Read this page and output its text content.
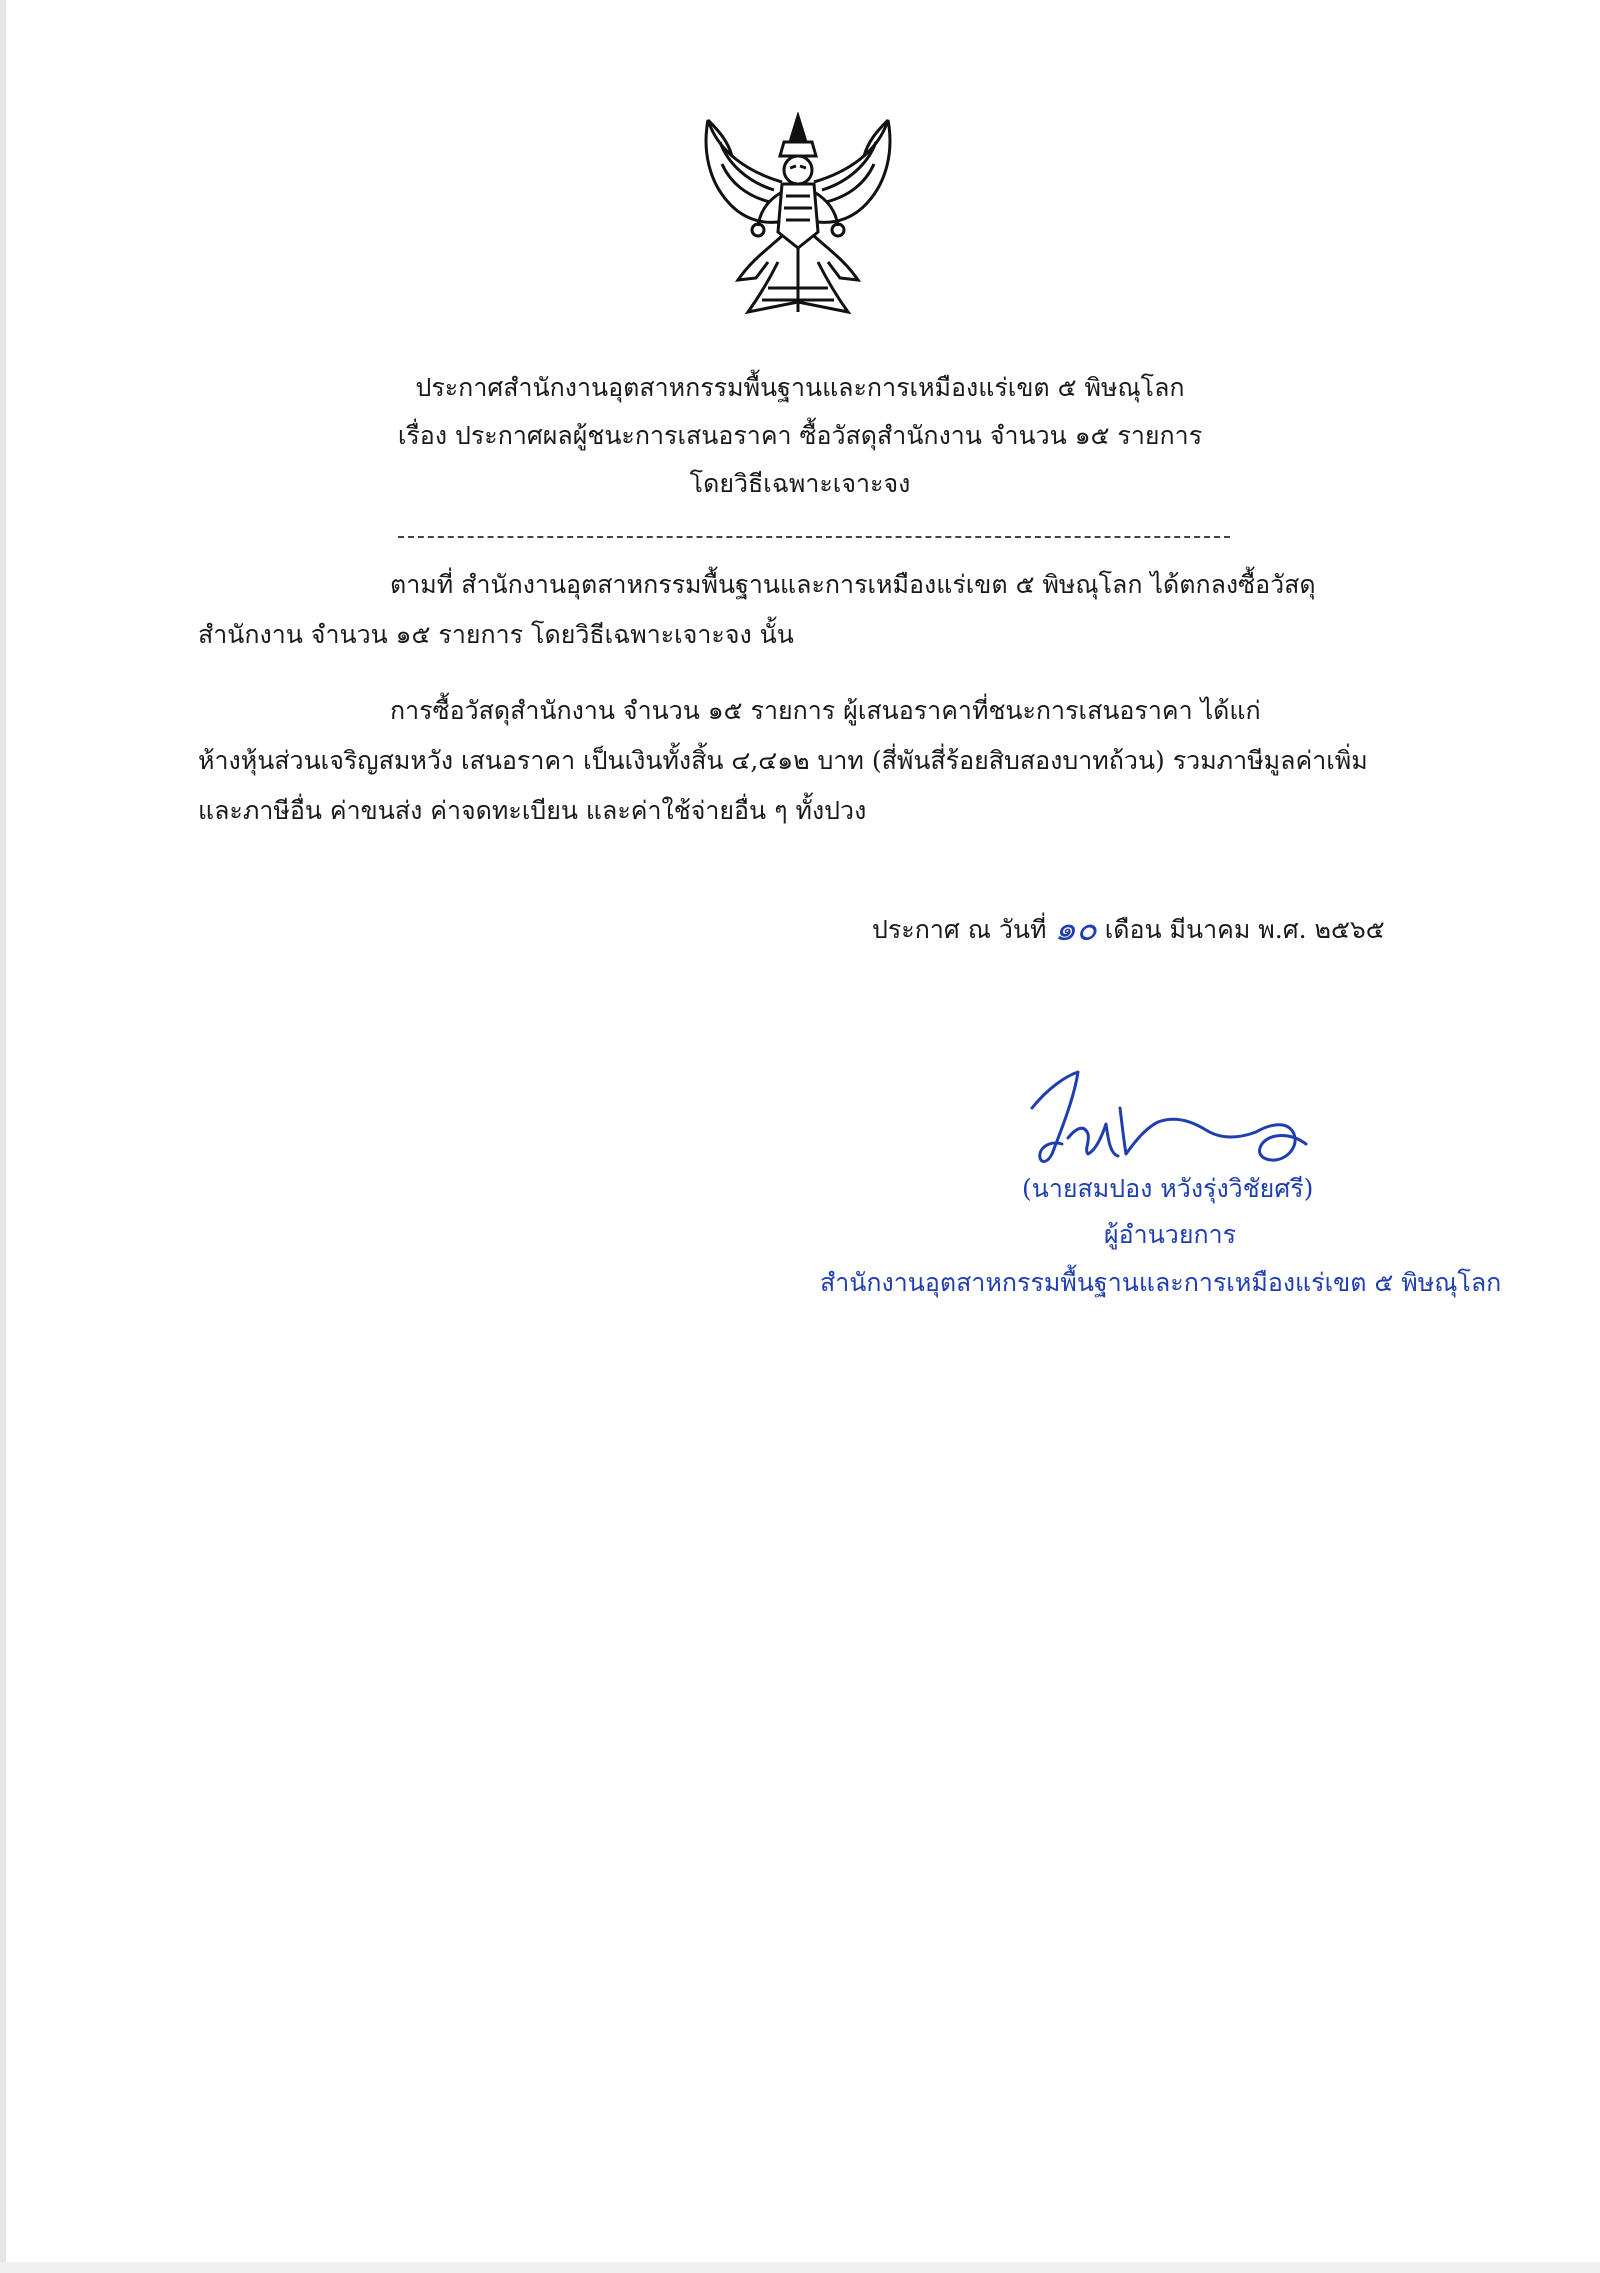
ประกาศสำนักงานอุตสาหกรรมพื้นฐานและการเหมืองแร่เขต ๕ พิษณุโลก
เรื่อง ประกาศผลผู้ชนะการเสนอราคา ซื้อวัสดุสำนักงาน จำนวน ๑๕ รายการ
โดยวิธีเฉพาะเจาะจง
ตามที่ สำนักงานอุตสาหกรรมพื้นฐานและการเหมืองแร่เขต ๕ พิษณุโลก ได้ตกลงซื้อวัสดุ
สำนักงาน จำนวน ๑๕ รายการ โดยวิธีเฉพาะเจาะจง นั้น
การซื้อวัสดุสำนักงาน จำนวน ๑๕ รายการ ผู้เสนอราคาที่ชนะการเสนอราคา ได้แก่
ห้างหุ้นส่วนเจริญสมหวัง เสนอราคา เป็นเงินทั้งสิ้น ๔,๔๑๒ บาท (สี่พันสี่ร้อยสิบสองบาทถ้วน) รวมภาษีมูลค่าเพิ่ม
และภาษีอื่น ค่าขนส่ง ค่าจดทะเบียน และค่าใช้จ่ายอื่น ๆ ทั้งปวง
ประกาศ ณ วันที่ ๑๐ เดือน มีนาคม พ.ศ. ๒๕๖๕
(นายสมปอง หวังรุ่งวิชัยศรี)
ผู้อำนวยการ
สำนักงานอุตสาหกรรมพื้นฐานและการเหมืองแร่เขต ๕ พิษณุโลก
